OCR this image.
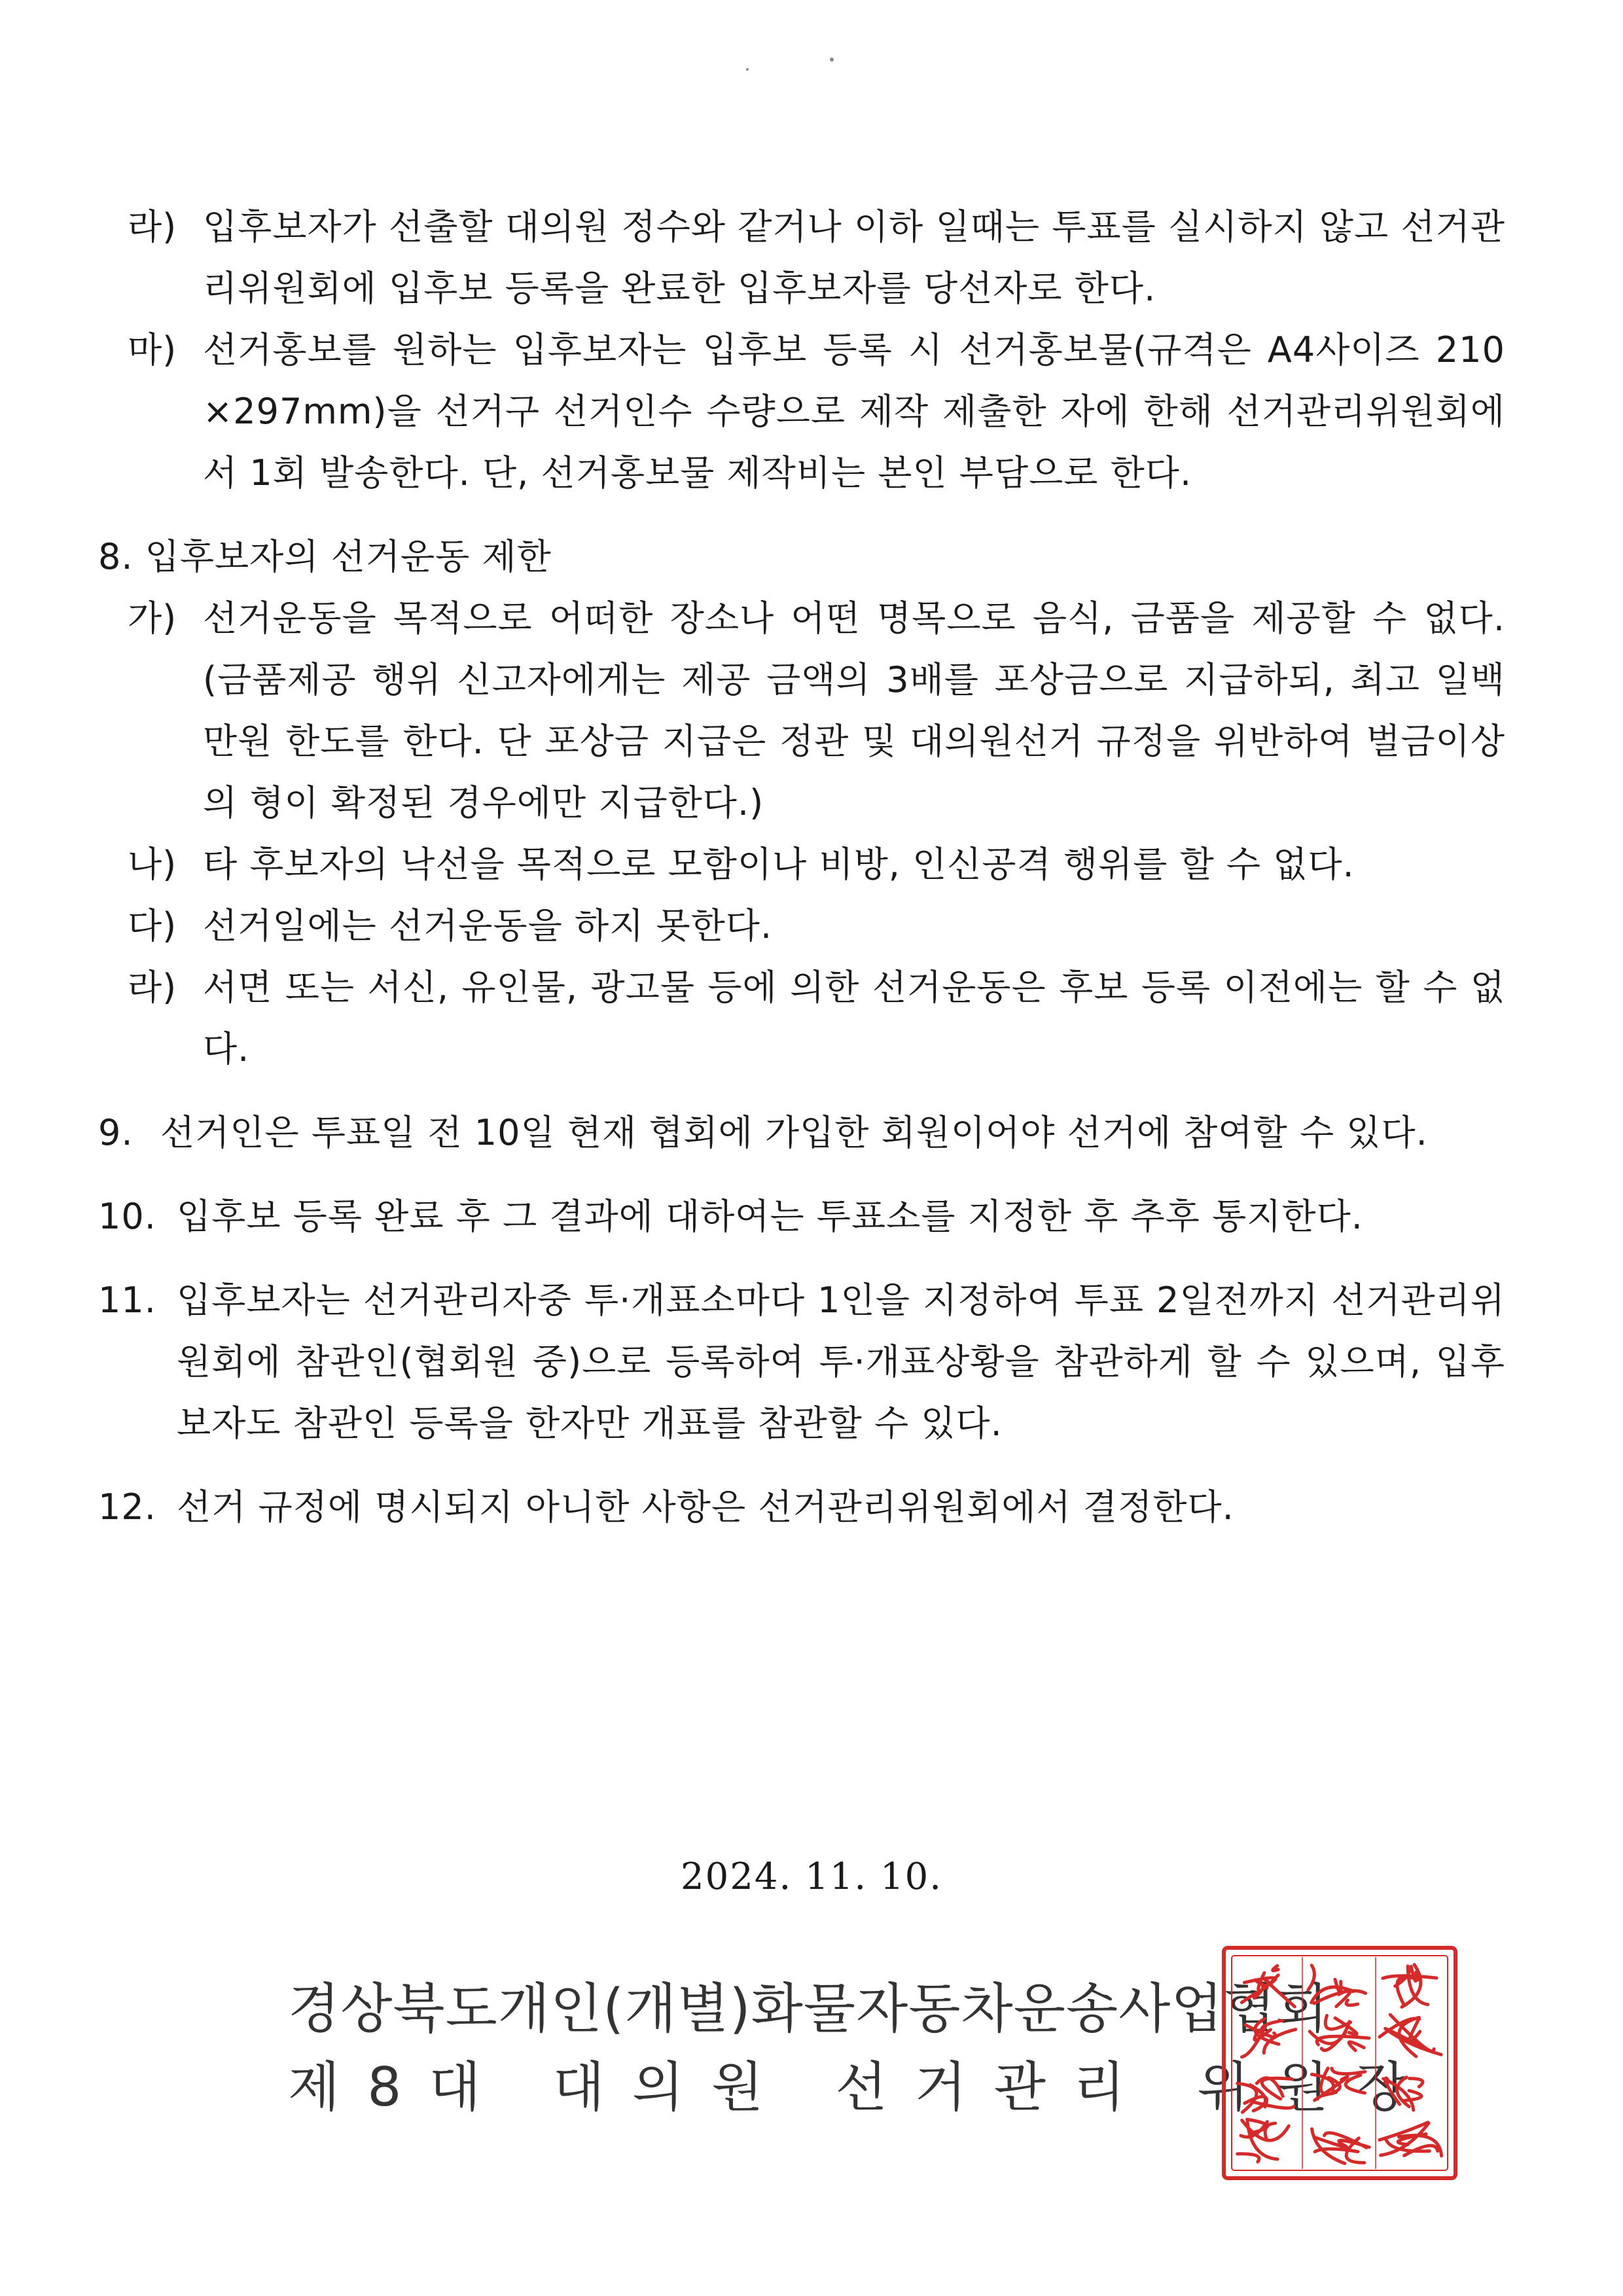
라) 입후보자가 선출할 대의원 정수와 같거나 이하 일때는 투표를 실시하지 않고 선거관리위원회에 입후보 등록을 완료한 입후보자를 당선자로 한다.
마) 선거홍보를 원하는 입후보자는 입후보 등록 시 선거홍보물(규격은 A4사이즈 210 ×297mm)을 선거구 선거인수 수량으로 제작 제출한 자에 한해 선거관리위원회에서 1회 발송한다. 단, 선거홍보물 제작비는 본인 부담으로 한다.
8. 입후보자의 선거운동 제한
가) 선거운동을 목적으로 어떠한 장소나 어떤 명목으로 음식, 금품을 제공할 수 없다.(금품제공 행위 신고자에게는 제공 금액의 3배를 포상금으로 지급하되, 최고 일백만원 한도를 한다. 단 포상금 지급은 정관 및 대의원선거 규정을 위반하여 벌금이상의 형이 확정된 경우에만 지급한다.)
나) 타 후보자의 낙선을 목적으로 모함이나 비방, 인신공격 행위를 할 수 없다.
다) 선거일에는 선거운동을 하지 못한다.
라) 서면 또는 서신, 유인물, 광고물 등에 의한 선거운동은 후보 등록 이전에는 할 수 없다.
9. 선거인은 투표일 전 10일 현재 협회에 가입한 회원이어야 선거에 참여할 수 있다.
10. 입후보 등록 완료 후 그 결과에 대하여는 투표소를 지정한 후 추후 통지한다.
11. 입후보자는 선거관리자중 투·개표소마다 1인을 지정하여 투표 2일전까지 선거관리위원회에 참관인(협회원 중)으로 등록하여 투·개표상황을 참관하게 할 수 있으며, 입후보자도 참관인 등록을 한자만 개표를 참관할 수 있다.
12. 선거 규정에 명시되지 아니한 사항은 선거관리위원회에서 결정한다.
2024. 11. 10.
경상북도개인(개별)화물자동차운송사업협회
제8대 대의원 선거관리 위원장
